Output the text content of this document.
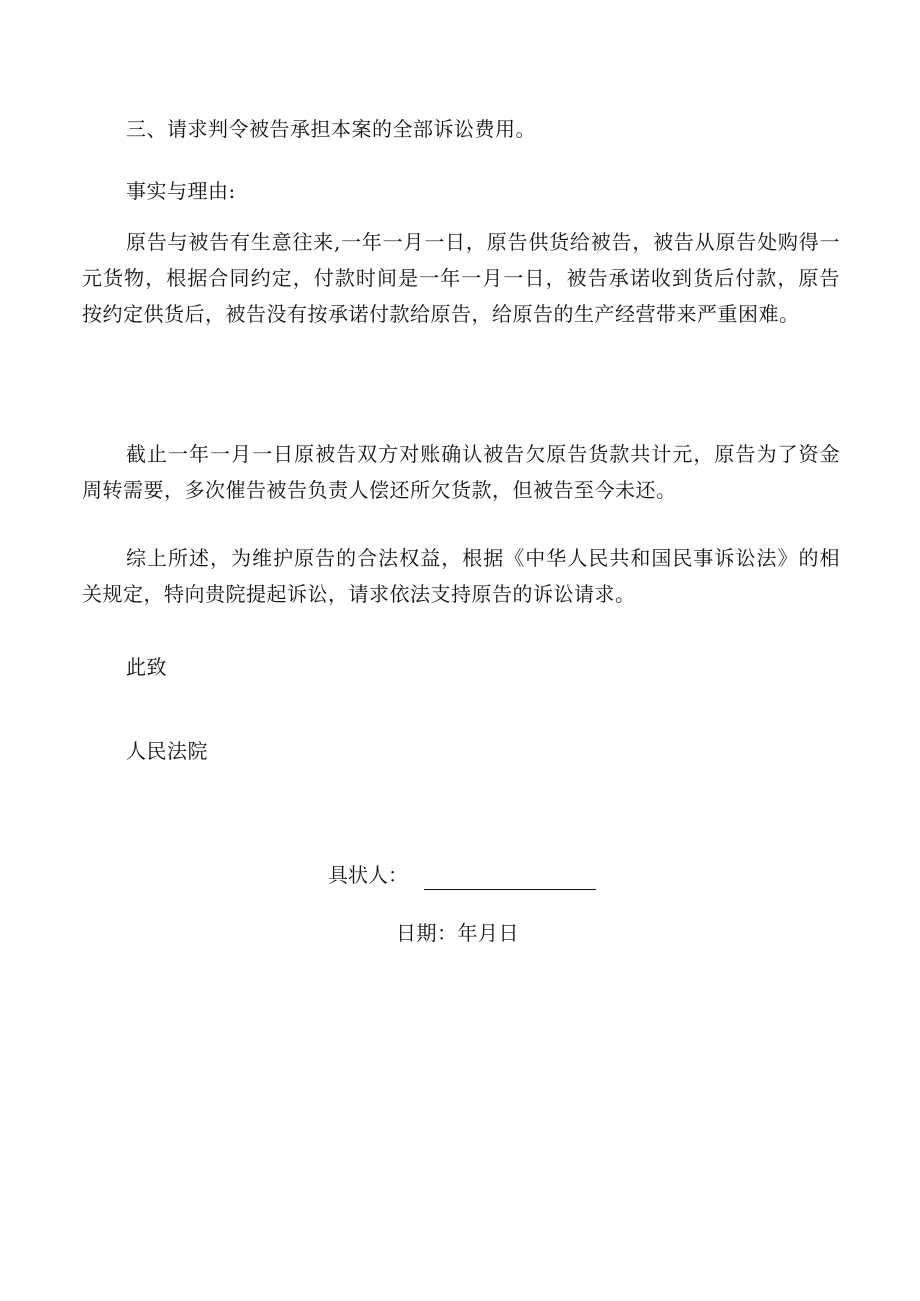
三、请求判令被告承担本案的全部诉讼费用。

事实与理由:

原告与被告有生意往来,一年一月一日，原告供货给被告，被告从原告处购得一元货物，根据合同约定，付款时间是一年一月一日，被告承诺收到货后付款，原告按约定供货后，被告没有按承诺付款给原告，给原告的生产经营带来严重困难。

截止一年一月一日原被告双方对账确认被告欠原告货款共计元，原告为了资金周转需要，多次催告被告负责人偿还所欠货款，但被告至今未还。

综上所述，为维护原告的合法权益，根据《中华人民共和国民事诉讼法》的相关规定，特向贵院提起诉讼，请求依法支持原告的诉讼请求。

此致

人民法院

具状人：
日期：年月日
